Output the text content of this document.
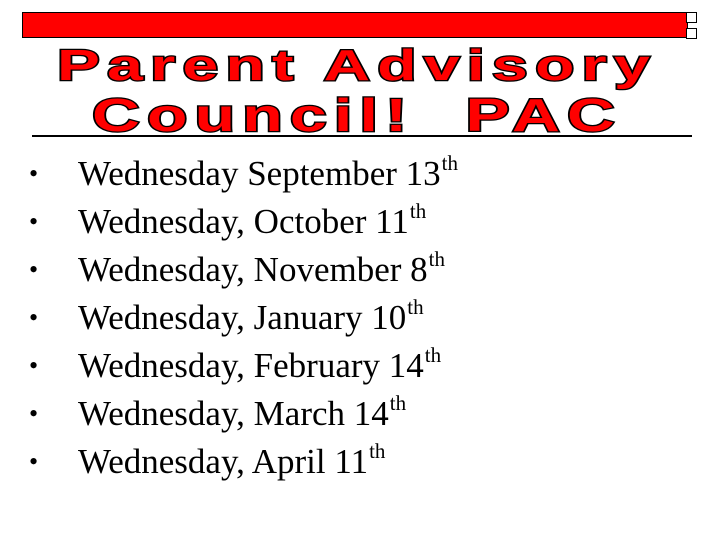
Parent Advisory
Council!  PAC
• Wednesday September 13th
• Wednesday, October 11th
• Wednesday, November 8th
• Wednesday, January 10th
• Wednesday, February 14th
• Wednesday, March 14th
• Wednesday, April 11th
